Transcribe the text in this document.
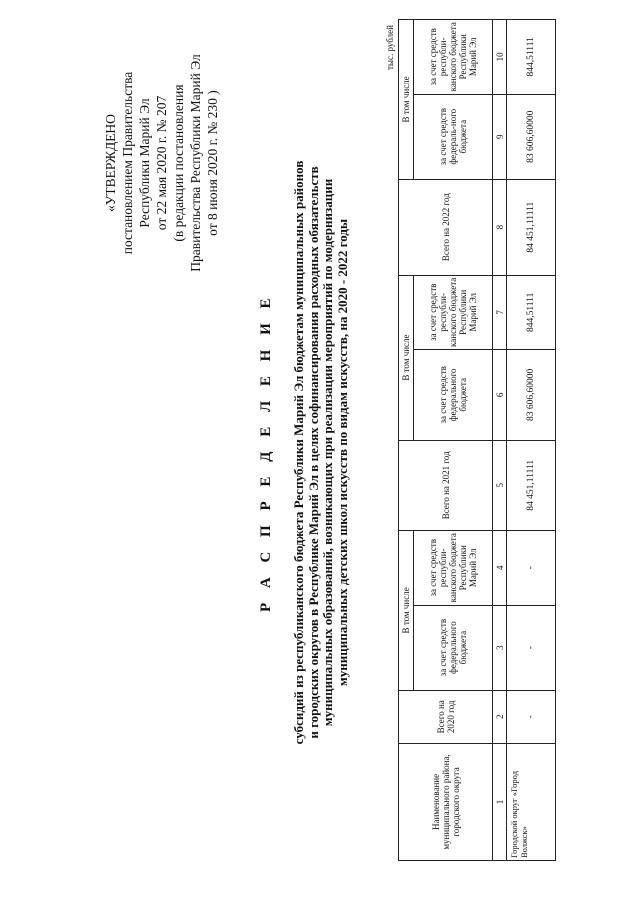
«УТВЕРЖДЕНО постановлением Правительства Республики Марий Эл от 22 мая 2020 г. № 207 (в редакции постановления Правительства Республики Марий Эл от 8 июня 2020 г. № 230 )
Р А С П Р Е Д Е Л Е Н И Е субсидий из республиканского бюджета Республики Марий Эл бюджетам муниципальных районов и городских округов в Республике Марий Эл в целях софинансирования расходных обязательств муниципальных образований, возникающих при реализации мероприятий по модернизации муниципальных детских школ искусств по видам искусств, на 2020 - 2022 годы
тыс. рублей
Наименование муниципального района, городского округа	Всего на 2020 год	В том числе		Всего на 2021 год	В том числе		Всего на 2022 год	В том числе	
		за счет средств федерального бюджета	за счет средств республи-канского бюджета Республики Марий Эл		за счет средств федерального бюджета	за счет средств республи-канского бюджета Республики Марий Эл		за счет средств федераль-ного бюджета	за счет средств республи-канского бюджета Республики Марий Эл
1	2	3	4	5	6	7	8	9	10
Городской округ «Город Волжск»	-	-	-	84 451,11111	83 606,60000	844,51111	84 451,11111	83 606,60000	844,51111
